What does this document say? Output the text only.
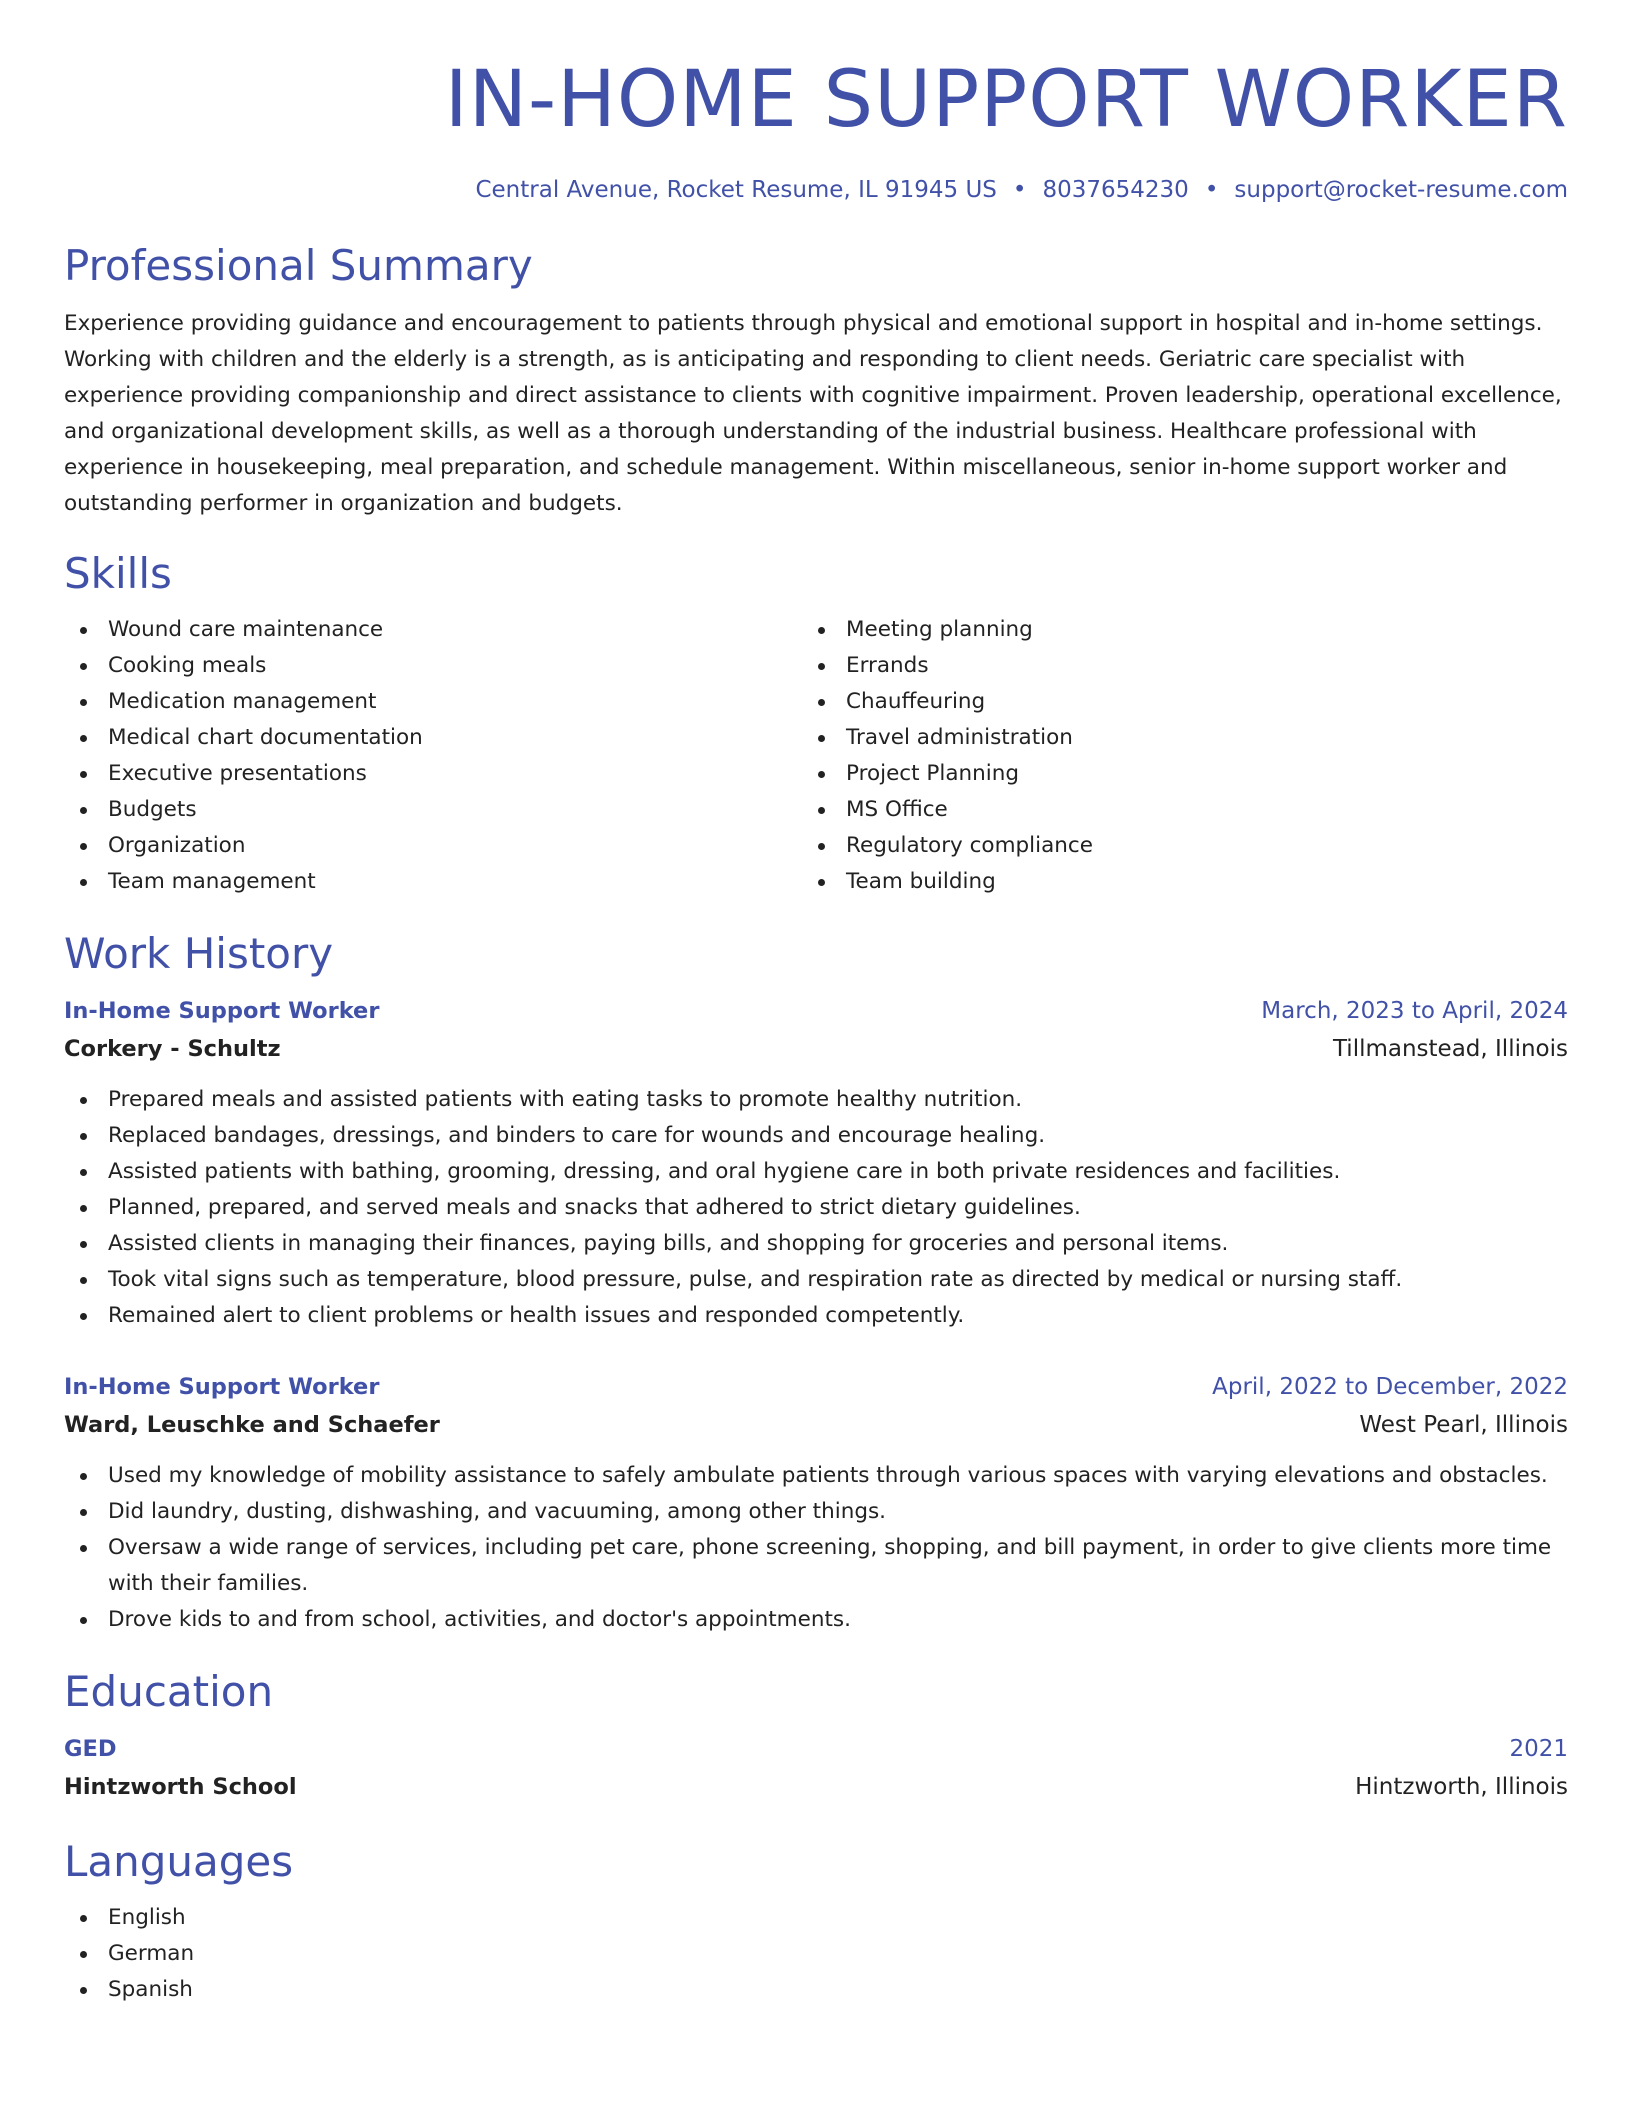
IN-HOME SUPPORT WORKER
Central Avenue, Rocket Resume, IL 91945 US • 8037654230 • support@rocket-resume.com
Professional Summary
Experience providing guidance and encouragement to patients through physical and emotional support in hospital and in-home settings. Working with children and the elderly is a strength, as is anticipating and responding to client needs. Geriatric care specialist with experience providing companionship and direct assistance to clients with cognitive impairment. Proven leadership, operational excellence, and organizational development skills, as well as a thorough understanding of the industrial business. Healthcare professional with experience in housekeeping, meal preparation, and schedule management. Within miscellaneous, senior in-home support worker and outstanding performer in organization and budgets.
Skills
Wound care maintenance
Cooking meals
Medication management
Medical chart documentation
Executive presentations
Budgets
Organization
Team management
Meeting planning
Errands
Chauffeuring
Travel administration
Project Planning
MS Office
Regulatory compliance
Team building
Work History
In-Home Support Worker	March, 2023 to April, 2024
Corkery - Schultz	Tillmanstead, Illinois
Prepared meals and assisted patients with eating tasks to promote healthy nutrition.
Replaced bandages, dressings, and binders to care for wounds and encourage healing.
Assisted patients with bathing, grooming, dressing, and oral hygiene care in both private residences and facilities.
Planned, prepared, and served meals and snacks that adhered to strict dietary guidelines.
Assisted clients in managing their finances, paying bills, and shopping for groceries and personal items.
Took vital signs such as temperature, blood pressure, pulse, and respiration rate as directed by medical or nursing staff.
Remained alert to client problems or health issues and responded competently.
In-Home Support Worker	April, 2022 to December, 2022
Ward, Leuschke and Schaefer	West Pearl, Illinois
Used my knowledge of mobility assistance to safely ambulate patients through various spaces with varying elevations and obstacles.
Did laundry, dusting, dishwashing, and vacuuming, among other things.
Oversaw a wide range of services, including pet care, phone screening, shopping, and bill payment, in order to give clients more time with their families.
Drove kids to and from school, activities, and doctor's appointments.
Education
GED	2021
Hintzworth School	Hintzworth, Illinois
Languages
English
German
Spanish
